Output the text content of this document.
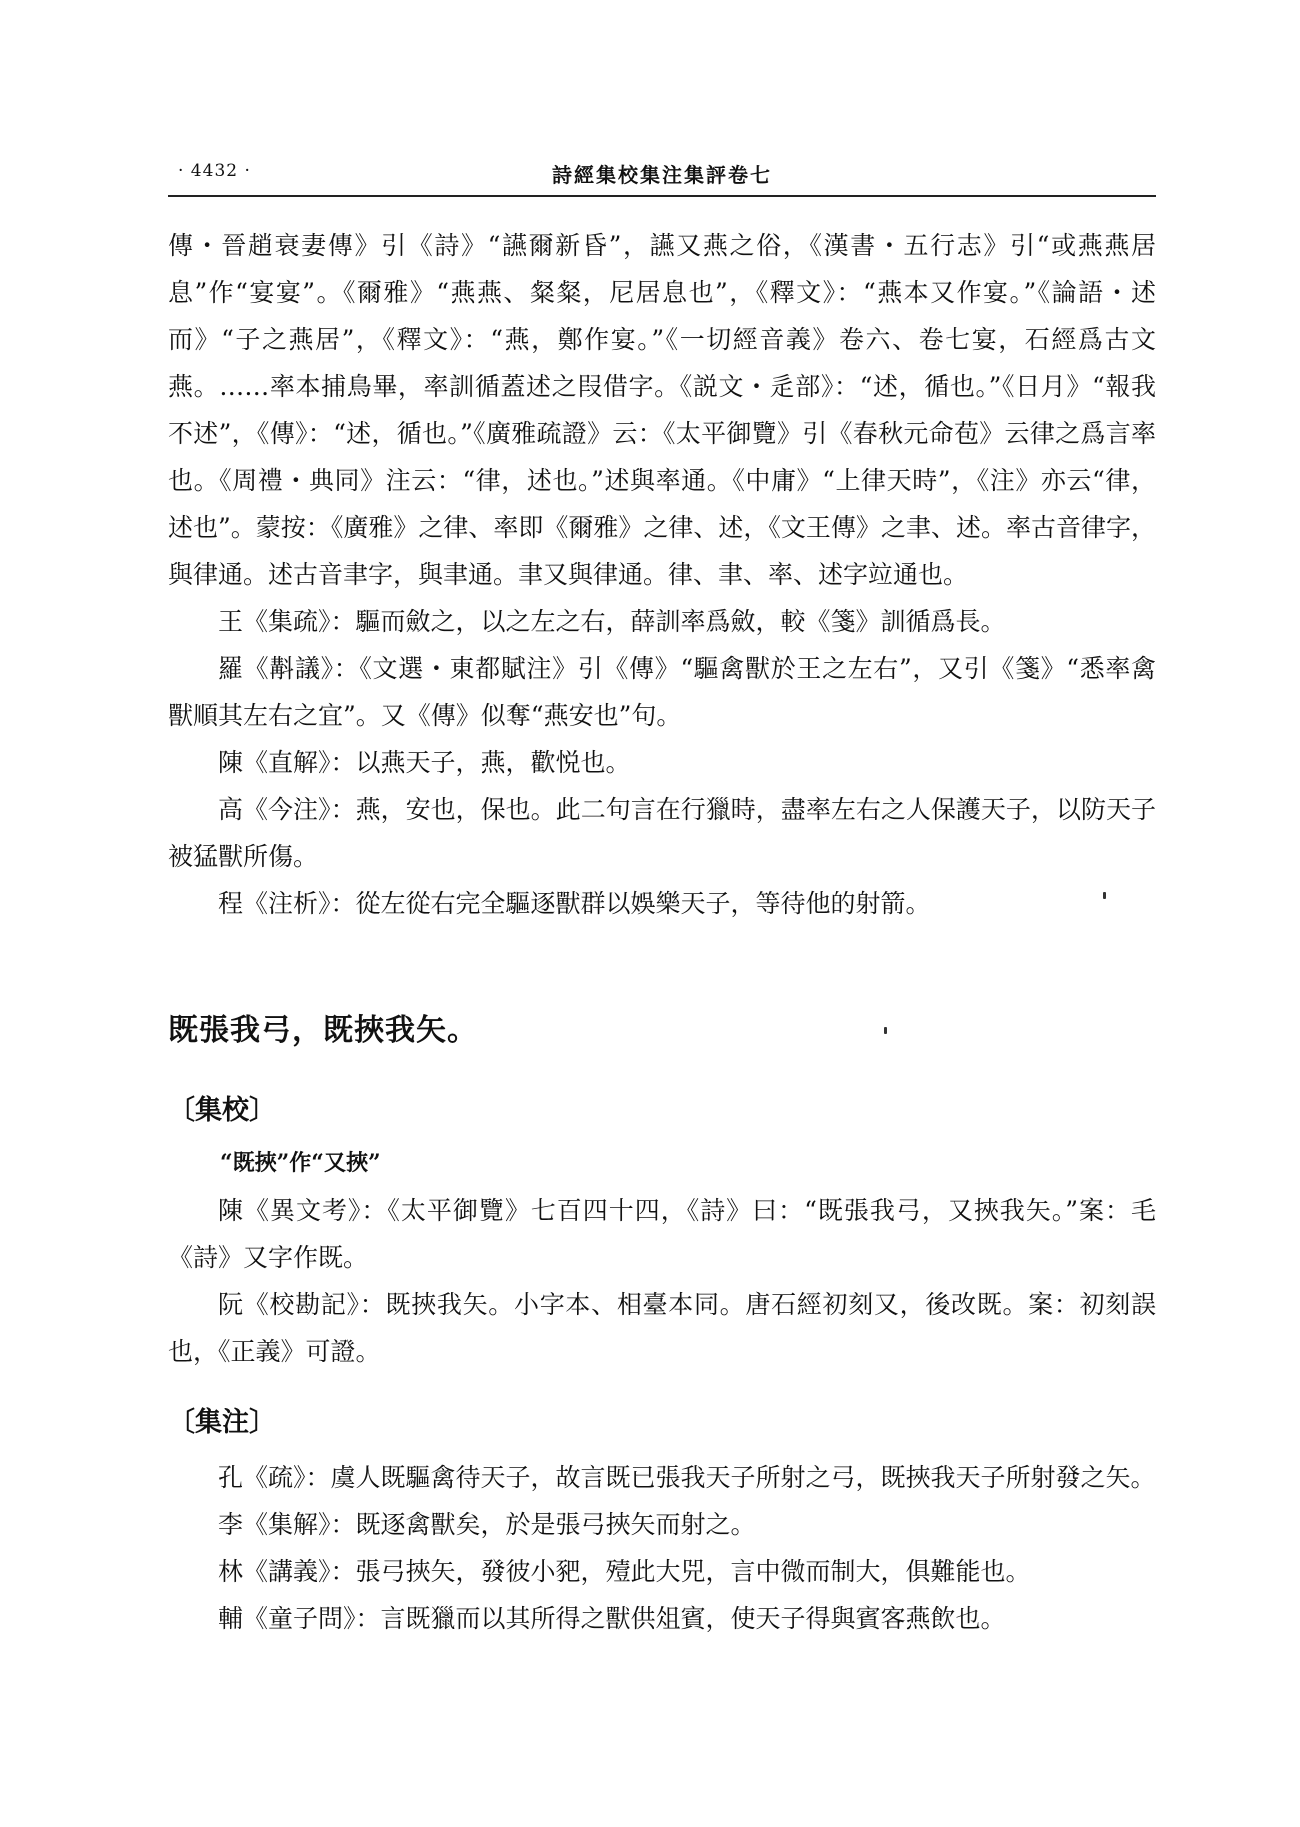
· 4432 ·	詩經集校集注集評卷七

傳・晉趙衰妻傳》引《詩》“讌爾新昏”，讌又燕之俗，《漢書・五行志》引“或燕燕居息”作“宴宴”。《爾雅》“燕燕、粲粲，尼居息也”，《釋文》：“燕本又作宴。”《論語・述而》“子之燕居”，《釋文》：“燕，鄭作宴。”《一切經音義》卷六、卷七宴，石經爲古文燕。……率本捕鳥畢，率訓循蓋述之叚借字。《説文・辵部》：“述，循也。”《日月》“報我不述”，《傳》：“述，循也。”《廣雅疏證》云：《太平御覽》引《春秋元命苞》云律之爲言率也。《周禮・典同》注云：“律，述也。”述與率通。《中庸》“上律天時”，《注》亦云“律，述也”。蒙按：《廣雅》之律、率即《爾雅》之律、述，《文王傳》之聿、述。率古音律字，與律通。述古音聿字，與聿通。聿又與律通。律、聿、率、述字竝通也。

王《集疏》：驅而斂之，以之左之右，薛訓率爲斂，較《箋》訓循爲長。

羅《斠議》：《文選・東都賦注》引《傳》“驅禽獸於王之左右”，又引《箋》“悉率禽獸順其左右之宜”。又《傳》似奪“燕安也”句。

陳《直解》：以燕天子，燕，歡悦也。

高《今注》：燕，安也，保也。此二句言在行獵時，盡率左右之人保護天子，以防天子被猛獸所傷。

程《注析》：從左從右完全驅逐獸群以娛樂天子，等待他的射箭。

既張我弓，既挾我矢。
〔集校〕
“既挾”作“又挾”

陳《異文考》：《太平御覽》七百四十四，《詩》曰：“既張我弓，又挾我矢。”案：毛《詩》又字作既。

阮《校勘記》：既挾我矢。小字本、相臺本同。唐石經初刻又，後改既。案：初刻誤也，《正義》可證。

〔集注〕

孔《疏》：虞人既驅禽待天子，故言既已張我天子所射之弓，既挾我天子所射發之矢。

李《集解》：既逐禽獸矣，於是張弓挾矢而射之。

林《講義》：張弓挾矢，發彼小豝，殪此大兕，言中微而制大，俱難能也。

輔《童子問》：言既獵而以其所得之獸供俎賓，使天子得與賓客燕飲也。
